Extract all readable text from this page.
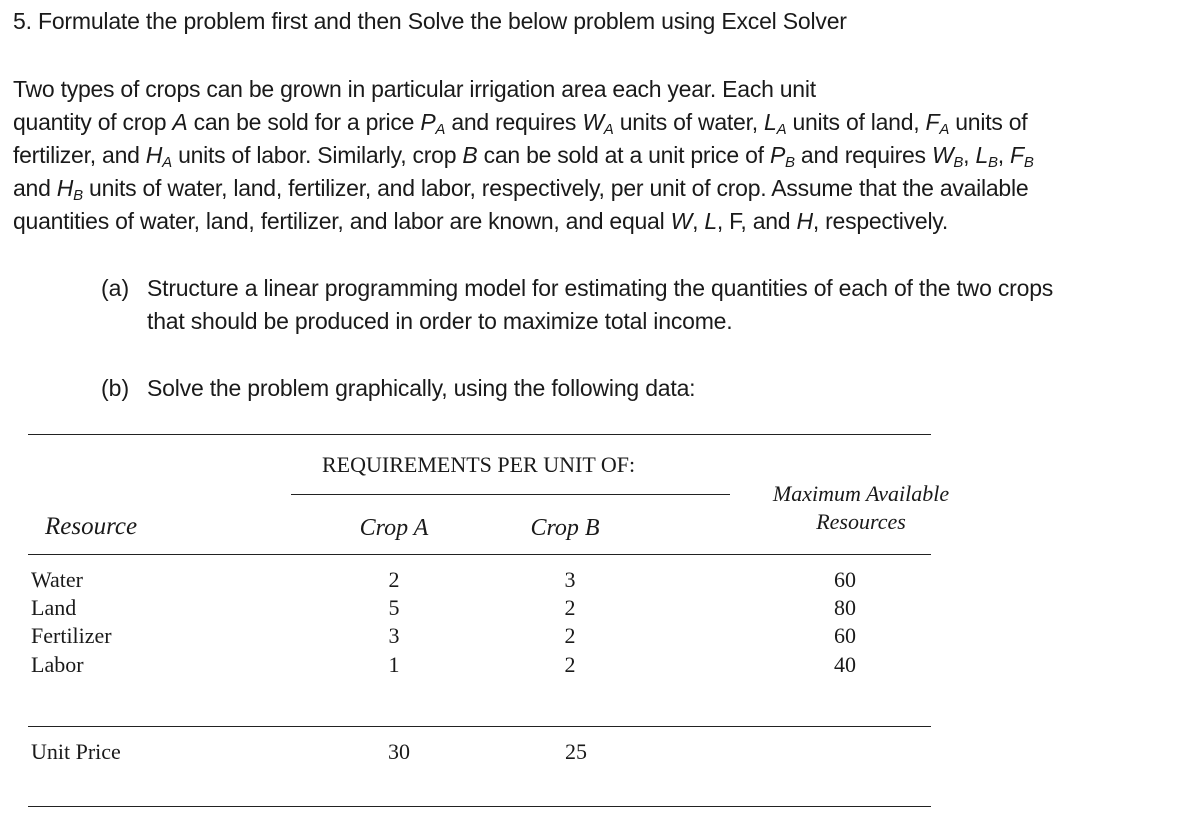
5. Formulate the problem first and then Solve the below problem using Excel Solver
Two types of crops can be grown in particular irrigation area each year. Each unit
quantity of crop A can be sold for a price $P_A$ and requires $W_A$ units of water, $L_A$ units of land, $F_A$ units of
fertilizer, and $H_A$ units of labor. Similarly, crop B can be sold at a unit price of $P_B$ and requires $W_B$, $L_B$, $F_B$
and $H_B$ units of water, land, fertilizer, and labor, respectively, per unit of crop. Assume that the available
quantities of water, land, fertilizer, and labor are known, and equal W, L, F, and H, respectively.
(a) Structure a linear programming model for estimating the quantities of each of the two crops
that should be produced in order to maximize total income.
(b) Solve the problem graphically, using the following data:
REQUIREMENTS PER UNIT OF:
Maximum Available
Resources
Resource	Crop A	Crop B
Water	2	3	60
Land	5	2	80
Fertilizer	3	2	60
Labor	1	2	40
Unit Price	30	25
